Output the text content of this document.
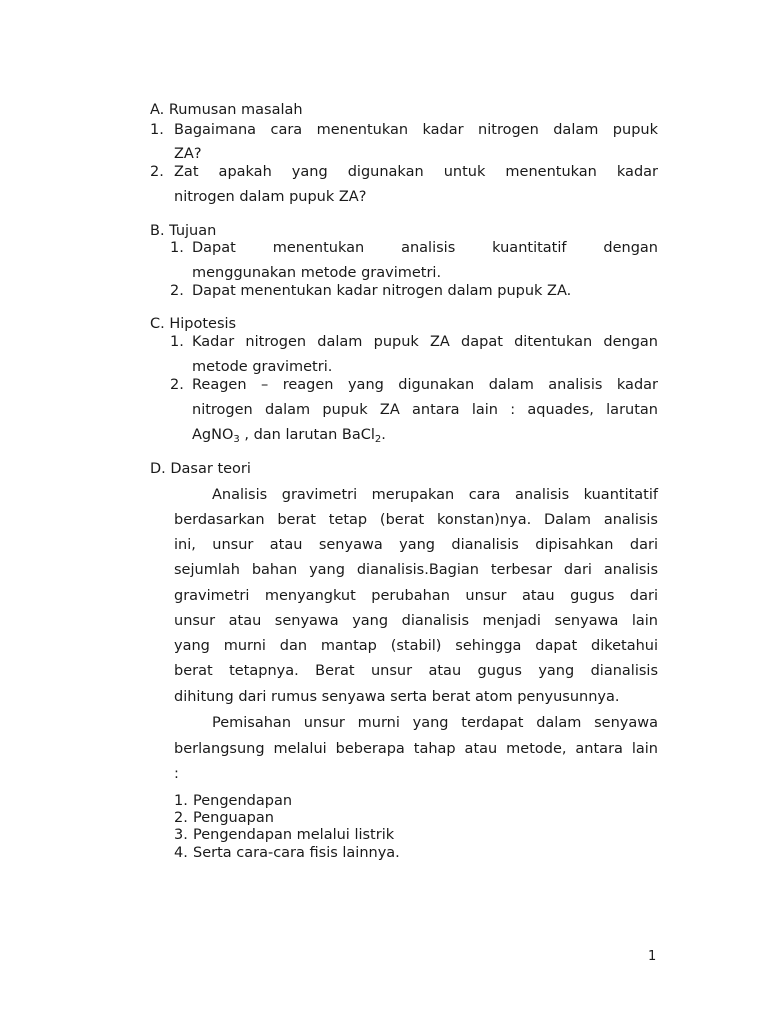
A. Rumusan masalah
1. Bagaimana cara menentukan kadar nitrogen dalam pupuk
ZA?
2. Zat apakah yang digunakan untuk menentukan kadar
nitrogen dalam pupuk ZA?
B. Tujuan
1. Dapat menentukan analisis kuantitatif dengan
menggunakan metode gravimetri.
2. Dapat menentukan kadar nitrogen dalam pupuk ZA.
C. Hipotesis
1. Kadar nitrogen dalam pupuk ZA dapat ditentukan dengan
metode gravimetri.
2. Reagen – reagen yang digunakan dalam analisis kadar
nitrogen dalam pupuk ZA antara lain : aquades, larutan
AgNO$_3$ , dan larutan BaCl$_2$.
D. Dasar teori
Analisis gravimetri merupakan cara analisis kuantitatif
berdasarkan berat tetap (berat konstan)nya. Dalam analisis
ini, unsur atau senyawa yang dianalisis dipisahkan dari
sejumlah bahan yang dianalisis.Bagian terbesar dari analisis
gravimetri menyangkut perubahan unsur atau gugus dari
unsur atau senyawa yang dianalisis menjadi senyawa lain
yang murni dan mantap (stabil) sehingga dapat diketahui
berat tetapnya. Berat unsur atau gugus yang dianalisis
dihitung dari rumus senyawa serta berat atom penyusunnya.
Pemisahan unsur murni yang terdapat dalam senyawa
berlangsung melalui beberapa tahap atau metode, antara lain
:
1. Pengendapan
2. Penguapan
3. Pengendapan melalui listrik
4. Serta cara-cara fisis lainnya.
1
